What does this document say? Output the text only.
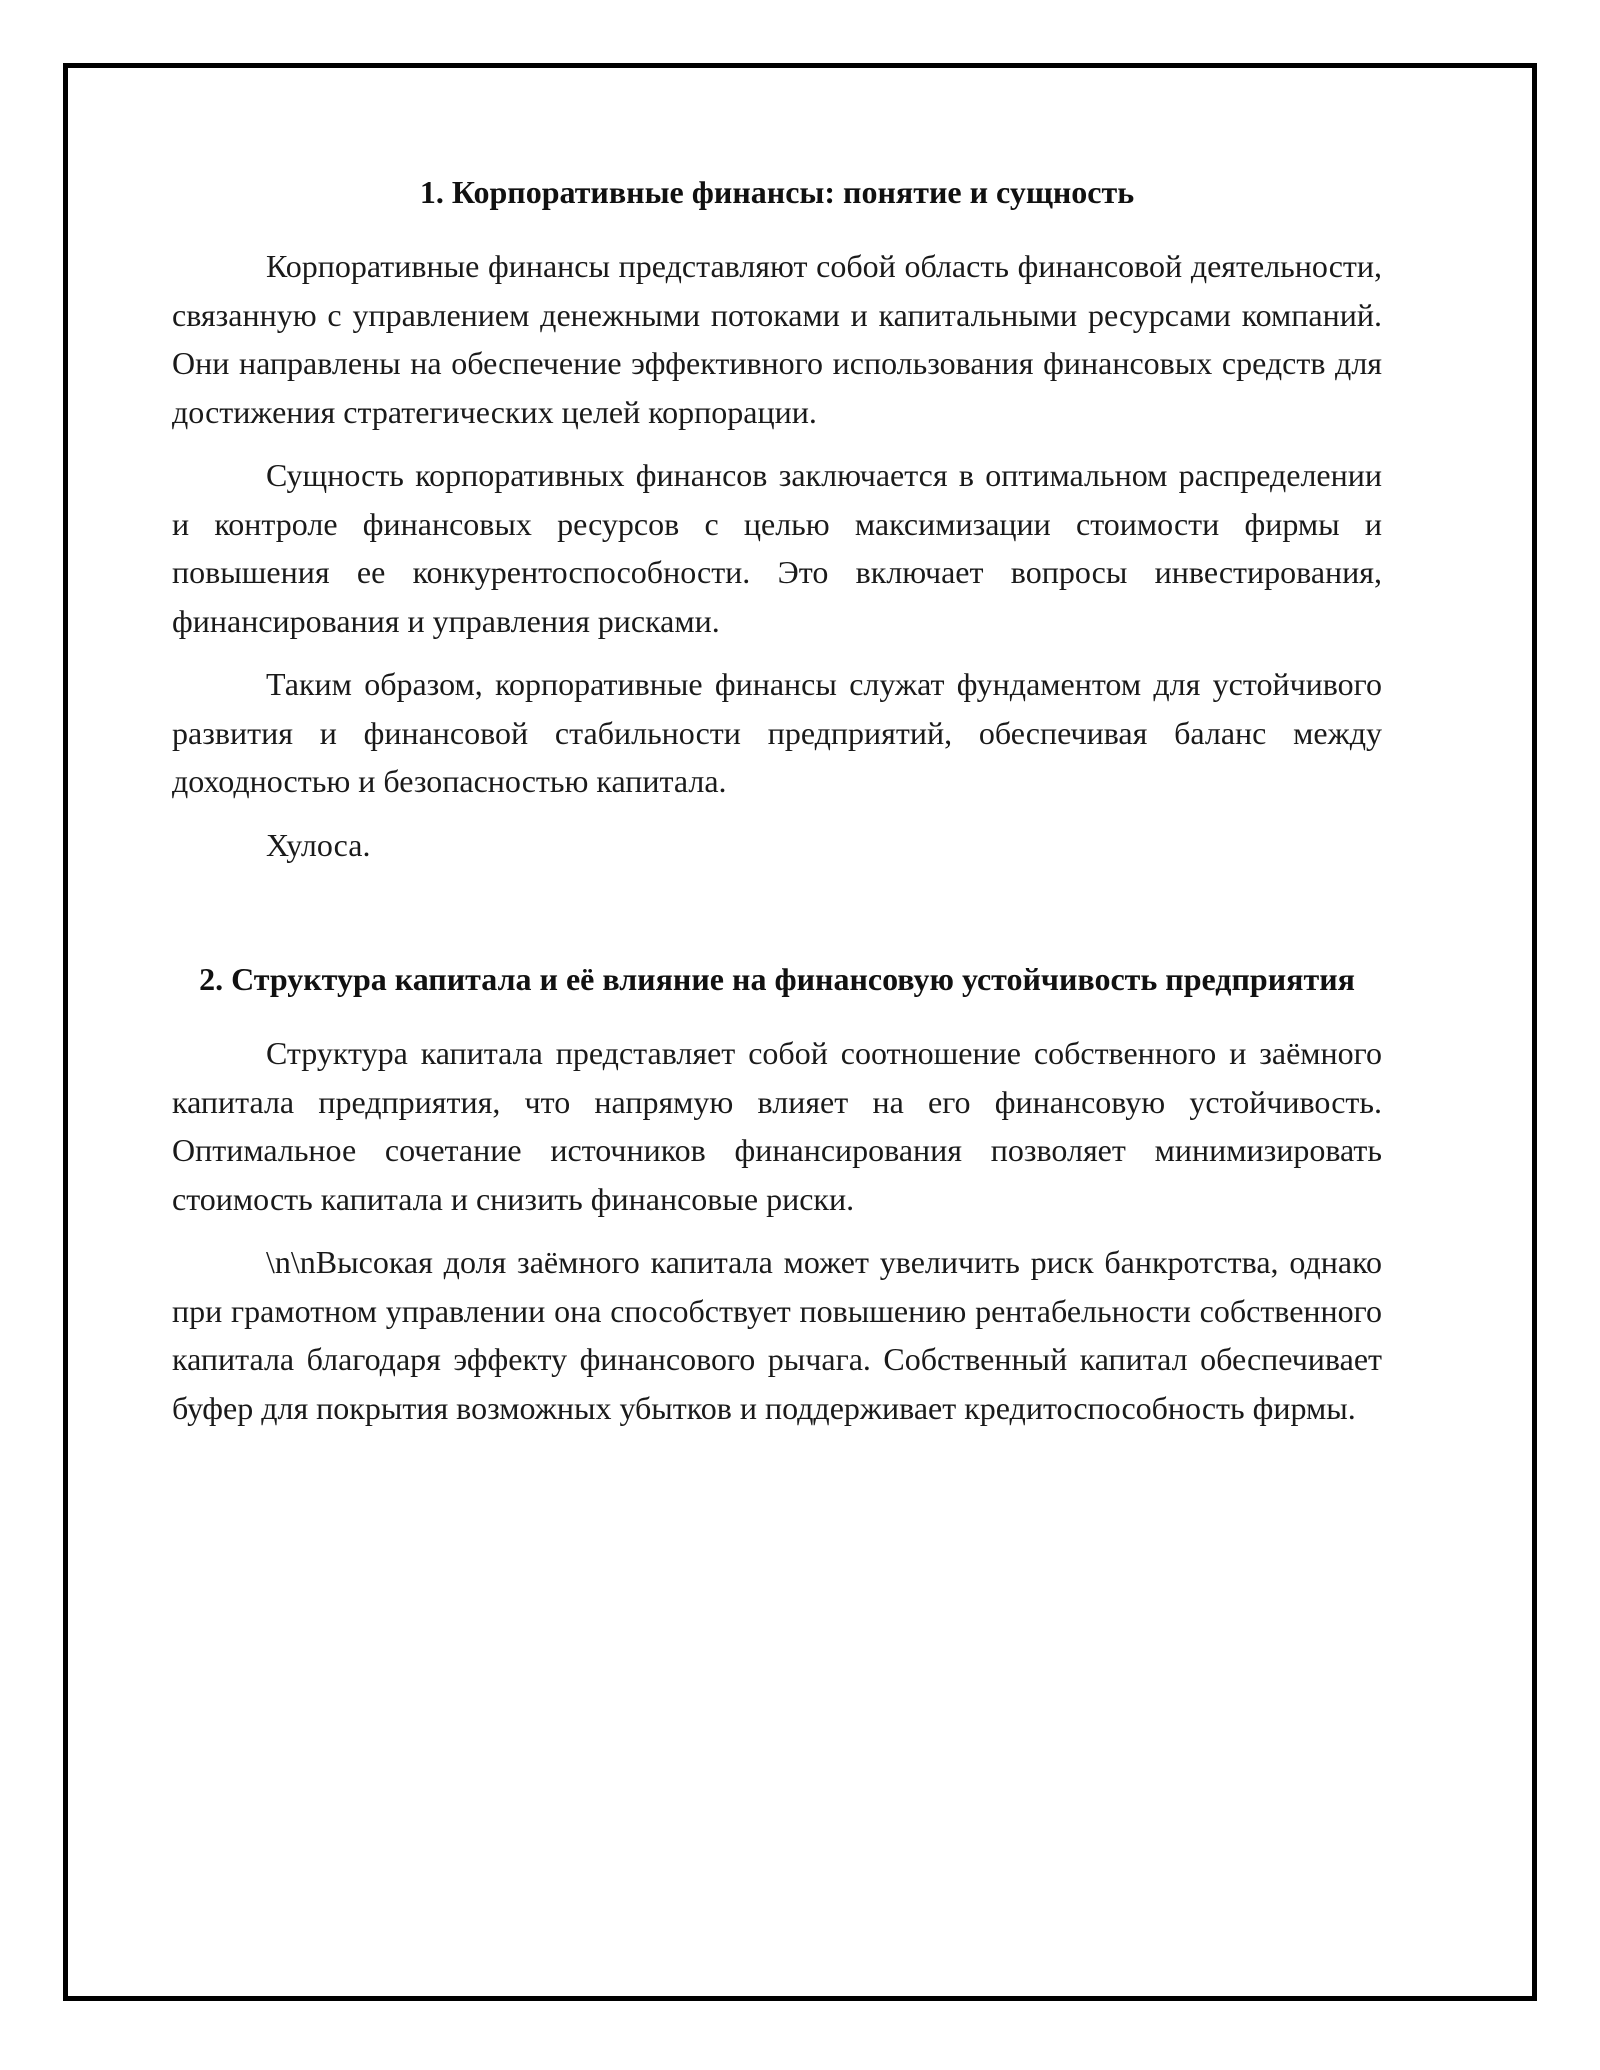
1. Корпоративные финансы: понятие и сущность

Корпоративные финансы представляют собой область финансовой деятельности, связанную с управлением денежными потоками и капитальными ресурсами компаний. Они направлены на обеспечение эффективного использования финансовых средств для достижения стратегических целей корпорации.

Сущность корпоративных финансов заключается в оптимальном распределении и контроле финансовых ресурсов с целью максимизации стоимости фирмы и повышения ее конкурентоспособности. Это включает вопросы инвестирования, финансирования и управления рисками.

Таким образом, корпоративные финансы служат фундаментом для устойчивого развития и финансовой стабильности предприятий, обеспечивая баланс между доходностью и безопасностью капитала.

Хулоса.

2. Структура капитала и её влияние на финансовую устойчивость предприятия

Структура капитала представляет собой соотношение собственного и заёмного капитала предприятия, что напрямую влияет на его финансовую устойчивость. Оптимальное сочетание источников финансирования позволяет минимизировать стоимость капитала и снизить финансовые риски.

\n\nВысокая доля заёмного капитала может увеличить риск банкротства, однако при грамотном управлении она способствует повышению рентабельности собственного капитала благодаря эффекту финансового рычага. Собственный капитал обеспечивает буфер для покрытия возможных убытков и поддерживает кредитоспособность фирмы.
